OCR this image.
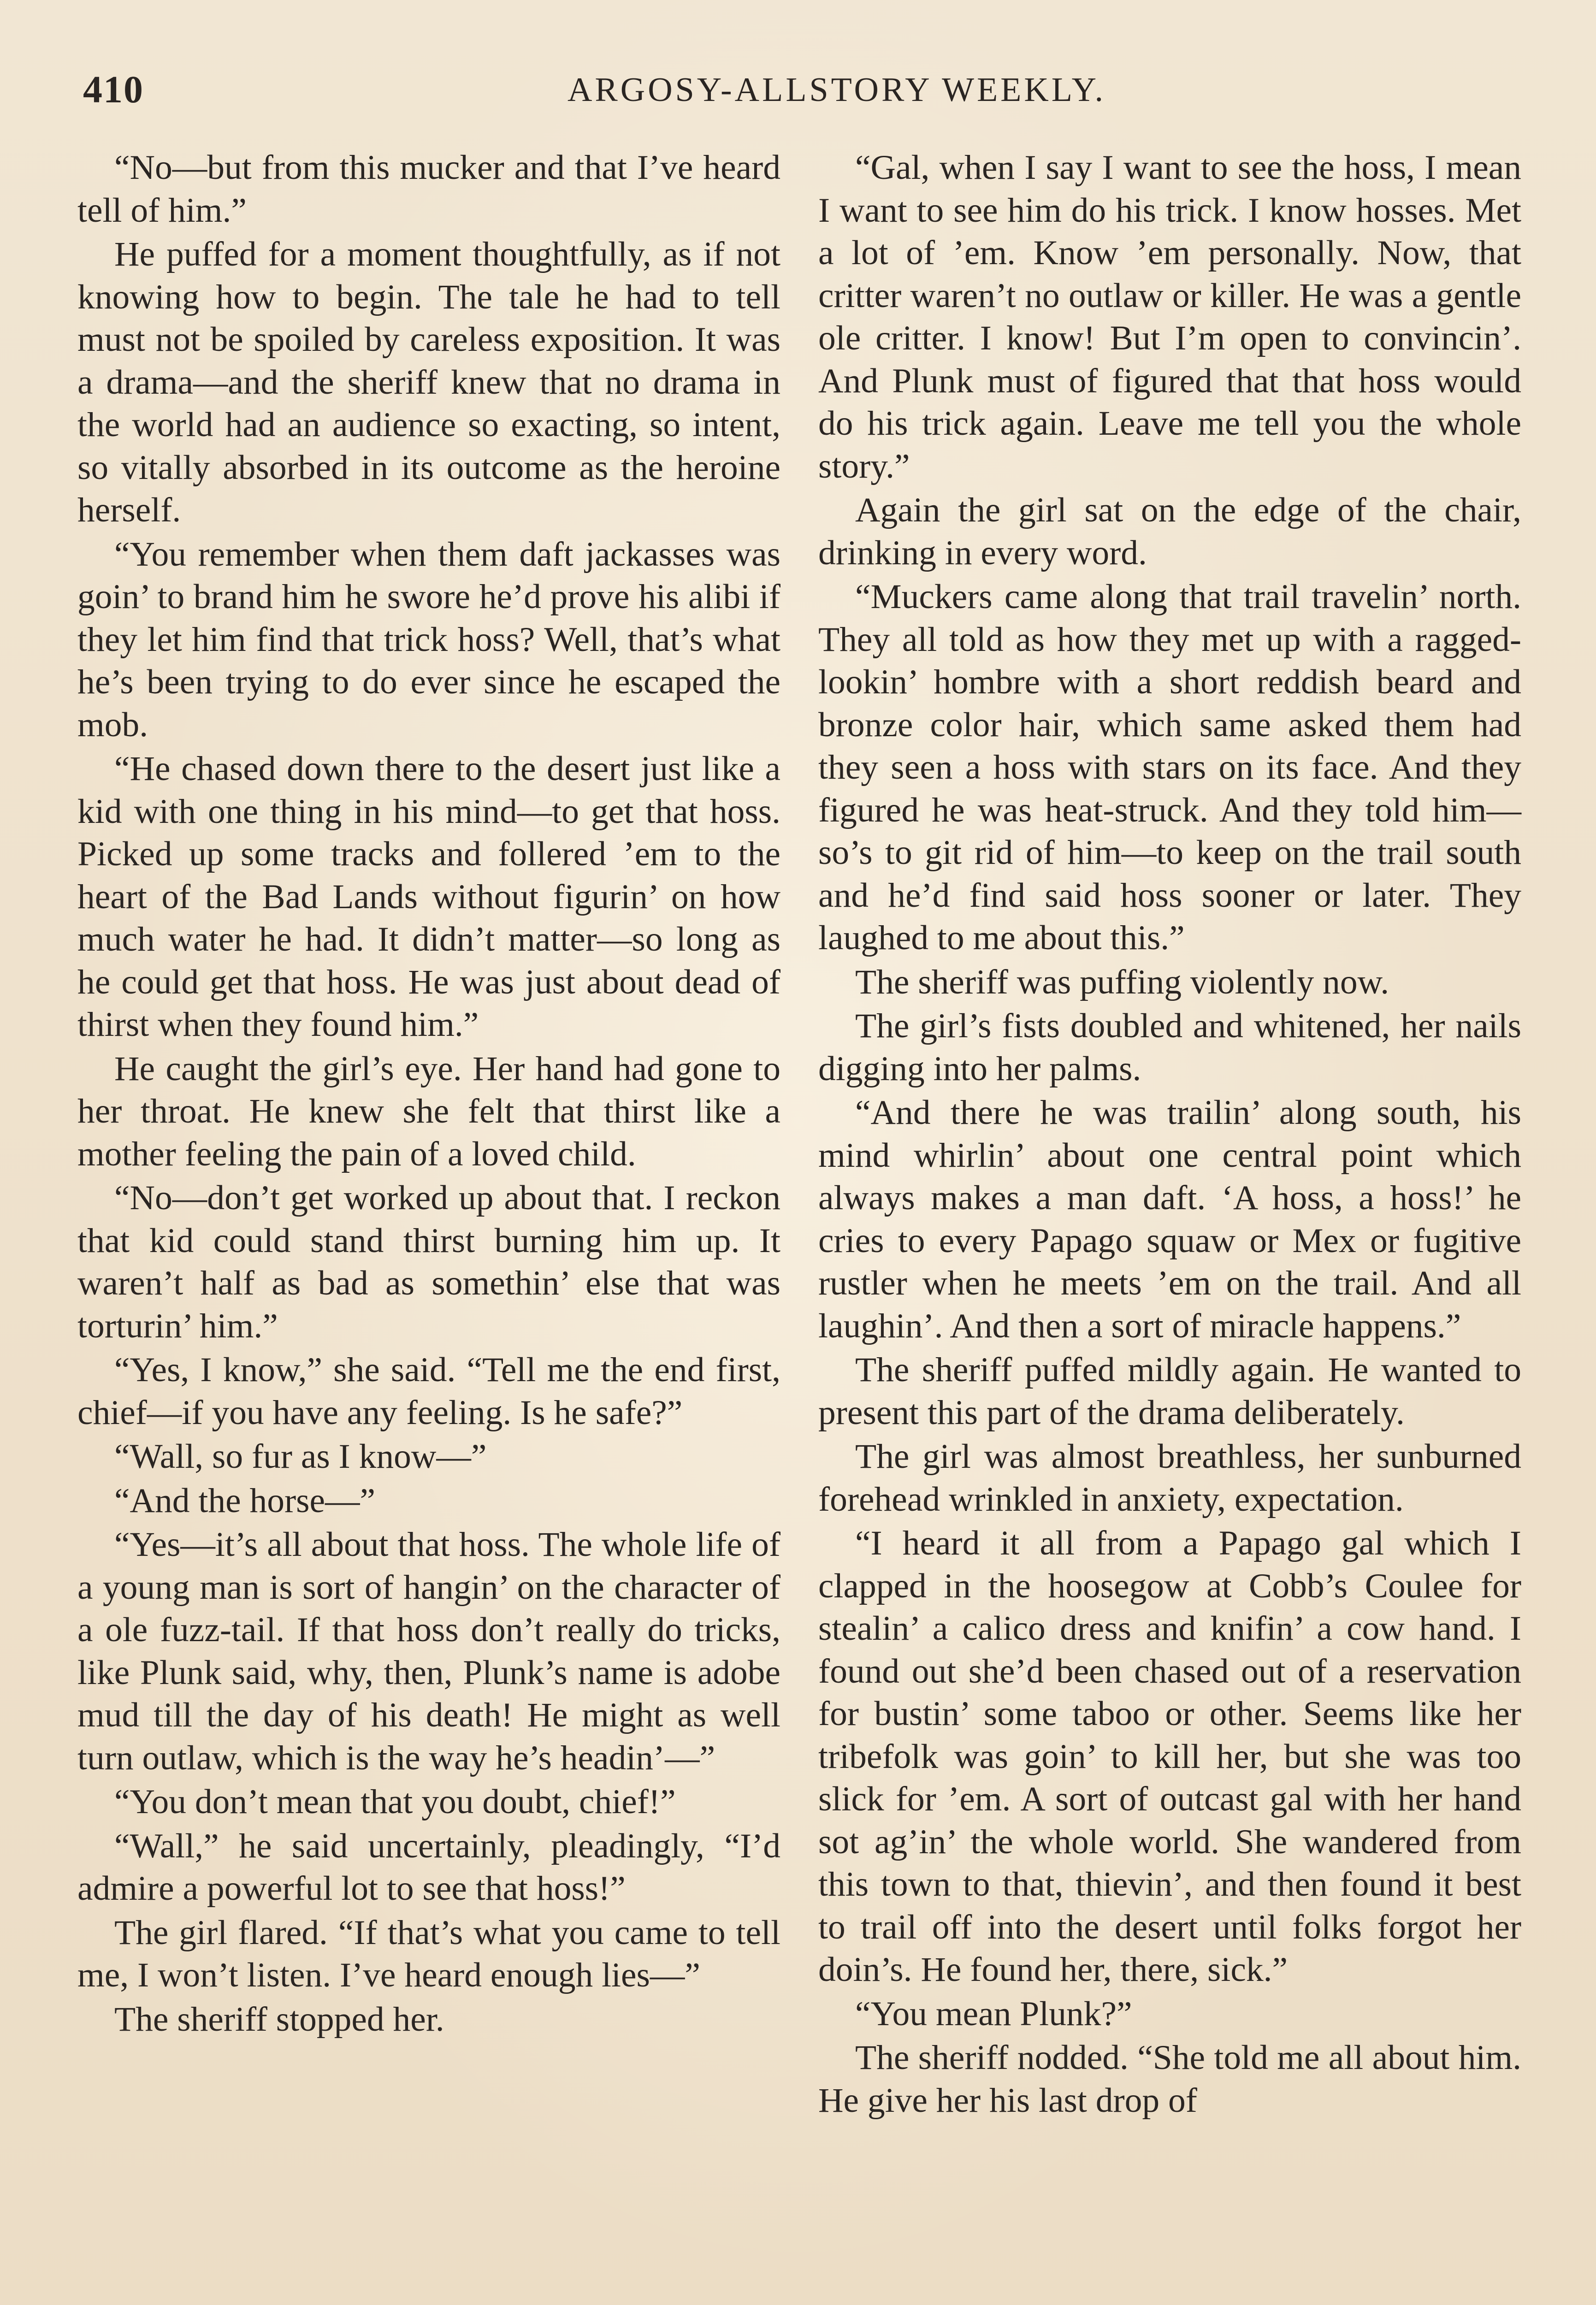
410	ARGOSY-ALLSTORY WEEKLY.

“No—but from this mucker and that I’ve heard tell of him.”

He puffed for a moment thoughtfully, as if not knowing how to begin. The tale he had to tell must not be spoiled by careless exposition. It was a drama—and the sheriff knew that no drama in the world had an audience so exacting, so intent, so vitally absorbed in its outcome as the heroine herself.

“You remember when them daft jackasses was goin’ to brand him he swore he’d prove his alibi if they let him find that trick hoss? Well, that’s what he’s been trying to do ever since he escaped the mob.

“He chased down there to the desert just like a kid with one thing in his mind—to get that hoss. Picked up some tracks and follered ’em to the heart of the Bad Lands without figurin’ on how much water he had. It didn’t matter—so long as he could get that hoss. He was just about dead of thirst when they found him.”

He caught the girl’s eye. Her hand had gone to her throat. He knew she felt that thirst like a mother feeling the pain of a loved child.

“No—don’t get worked up about that. I reckon that kid could stand thirst burning him up. It waren’t half as bad as somethin’ else that was torturin’ him.”

“Yes, I know,” she said. “Tell me the end first, chief—if you have any feeling. Is he safe?”

“Wall, so fur as I know—”

“And the horse—”

“Yes—it’s all about that hoss. The whole life of a young man is sort of hangin’ on the character of a ole fuzz-tail. If that hoss don’t really do tricks, like Plunk said, why, then, Plunk’s name is adobe mud till the day of his death! He might as well turn outlaw, which is the way he’s headin’—”

“You don’t mean that you doubt, chief!”

“Wall,” he said uncertainly, pleadingly, “I’d admire a powerful lot to see that hoss!”

The girl flared. “If that’s what you came to tell me, I won’t listen. I’ve heard enough lies—”

The sheriff stopped her.

“Gal, when I say I want to see the hoss, I mean I want to see him do his trick. I know hosses. Met a lot of ’em. Know ’em personally. Now, that critter waren’t no outlaw or killer. He was a gentle ole critter. I know! But I’m open to convincin’. And Plunk must of figured that that hoss would do his trick again. Leave me tell you the whole story.”

Again the girl sat on the edge of the chair, drinking in every word.

“Muckers came along that trail travelin’ north. They all told as how they met up with a ragged-lookin’ hombre with a short reddish beard and bronze color hair, which same asked them had they seen a hoss with stars on its face. And they figured he was heat-struck. And they told him—so’s to git rid of him—to keep on the trail south and he’d find said hoss sooner or later. They laughed to me about this.”

The sheriff was puffing violently now.

The girl’s fists doubled and whitened, her nails digging into her palms.

“And there he was trailin’ along south, his mind whirlin’ about one central point which always makes a man daft. ‘A hoss, a hoss!’ he cries to every Papago squaw or Mex or fugitive rustler when he meets ’em on the trail. And all laughin’. And then a sort of miracle happens.”

The sheriff puffed mildly again. He wanted to present this part of the drama deliberately.

The girl was almost breathless, her sunburned forehead wrinkled in anxiety, expectation.

“I heard it all from a Papago gal which I clapped in the hoosegow at Cobb’s Coulee for stealin’ a calico dress and knifin’ a cow hand. I found out she’d been chased out of a reservation for bustin’ some taboo or other. Seems like her tribefolk was goin’ to kill her, but she was too slick for ’em. A sort of outcast gal with her hand sot ag’in’ the whole world. She wandered from this town to that, thievin’, and then found it best to trail off into the desert until folks forgot her doin’s. He found her, there, sick.”

“You mean Plunk?”

The sheriff nodded. “She told me all about him. He give her his last drop of
